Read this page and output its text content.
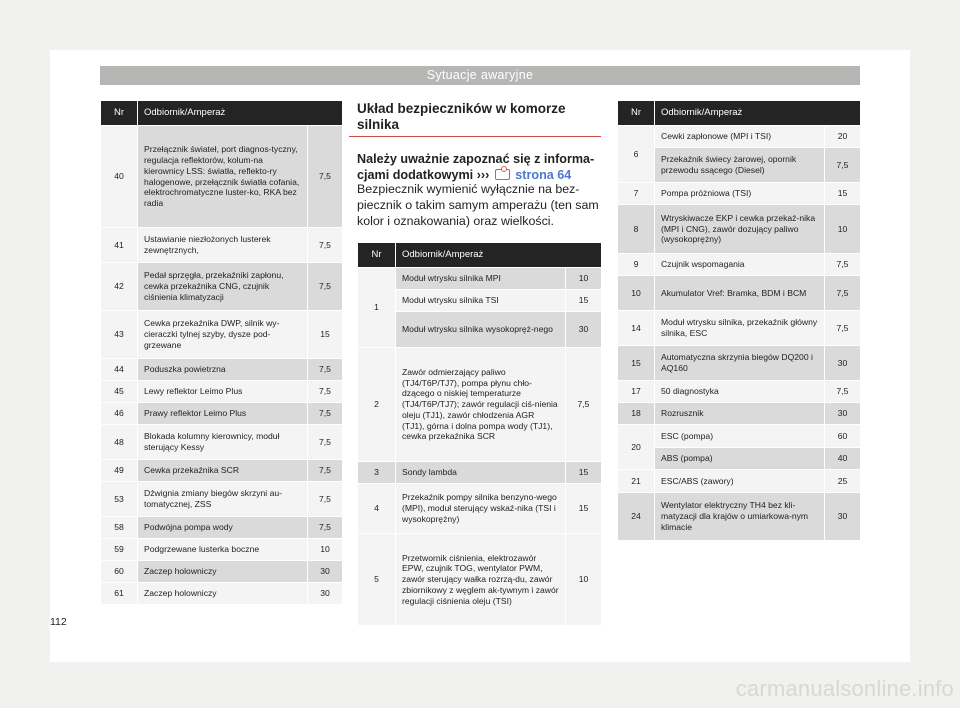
Sytuacje awaryjne
Nr	Odbiornik/Amperaż	
40	Przełącznik świateł, port diagnos-tyczny, regulacja reflektorów, kolum-na kierownicy LSS: światła, reflekto-ry halogenowe, przełącznik światła cofania, elektrochromatyczne luster-ko, RKA bez radia	7,5
41	Ustawianie niezłożonych lusterek zewnętrznych,	7,5
42	Pedał sprzęgła, przekaźniki zapłonu, cewka przekaźnika CNG, czujnik ciśnienia klimatyzacji	7,5
43	Cewka przekaźnika DWP, silnik wy-cieraczki tylnej szyby, dysze pod-grzewane	15
44	Poduszka powietrzna	7,5
45	Lewy reflektor Leimo Plus	7,5
46	Prawy reflektor Leimo Plus	7,5
48	Blokada kolumny kierownicy, moduł sterujący Kessy	7,5
49	Cewka przekaźnika SCR	7,5
53	Dźwignia zmiany biegów skrzyni au-tomatycznej, ZSS	7,5
58	Podwójna pompa wody	7,5
59	Podgrzewane lusterka boczne	10
60	Zaczep holowniczy	30
61	Zaczep holowniczy	30
Układ bezpieczników w komorze silnika
Należy uważnie zapoznać się z informa-cjami dodatkowymi ››› strona 64
Bezpiecznik wymienić wyłącznie na bez-piecznik o takim samym amperażu (ten sam kolor i oznakowania) oraz wielkości.
Nr	Odbiornik/Amperaż	
1	Moduł wtrysku silnika MPI	10
	Moduł wtrysku silnika TSI	15
	Moduł wtrysku silnika wysokopręż-nego	30
2	Zawór odmierzający paliwo (TJ4/T6P/TJ7), pompa płynu chło-dzącego o niskiej temperaturze (TJ4/T6P/TJ7); zawór regulacji ciś-nienia oleju (TJ1), zawór chłodzenia AGR (TJ1), górna i dolna pompa wody (TJ1), cewka przekaźnika SCR	7,5
3	Sondy lambda	15
4	Przekaźnik pompy silnika benzyno-wego (MPI), moduł sterujący wskaź-nika (TSI i wysokoprężny)	15
5	Przetwornik ciśnienia, elektrozawór EPW, czujnik TOG, wentylator PWM, zawór sterujący wałka rozrzą-du, zawór zbiornikowy z węglem ak-tywnym i zawór regulacji ciśnienia oleju (TSI)	10
Nr	Odbiornik/Amperaż	
6	Cewki zapłonowe (MPI i TSI)	20
	Przekaźnik świecy żarowej, opornik przewodu ssącego (Diesel)	7,5
7	Pompa próżniowa (TSI)	15
8	Wtryskiwacze EKP i cewka przekaź-nika (MPI i CNG), zawór dozujący paliwo (wysokoprężny)	10
9	Czujnik wspomagania	7,5
10	Akumulator Vref: Bramka, BDM i BCM	7,5
14	Moduł wtrysku silnika, przekaźnik główny silnika, ESC	7,5
15	Automatyczna skrzynia biegów DQ200 i AQ160	30
17	50 diagnostyka	7,5
18	Rozrusznik	30
20	ESC (pompa)	60
	ABS (pompa)	40
21	ESC/ABS (zawory)	25
24	Wentylator elektryczny TH4 bez kli-matyzacji dla krajów o umiarkowa-nym klimacie	30
112
carmanualsonline.info
